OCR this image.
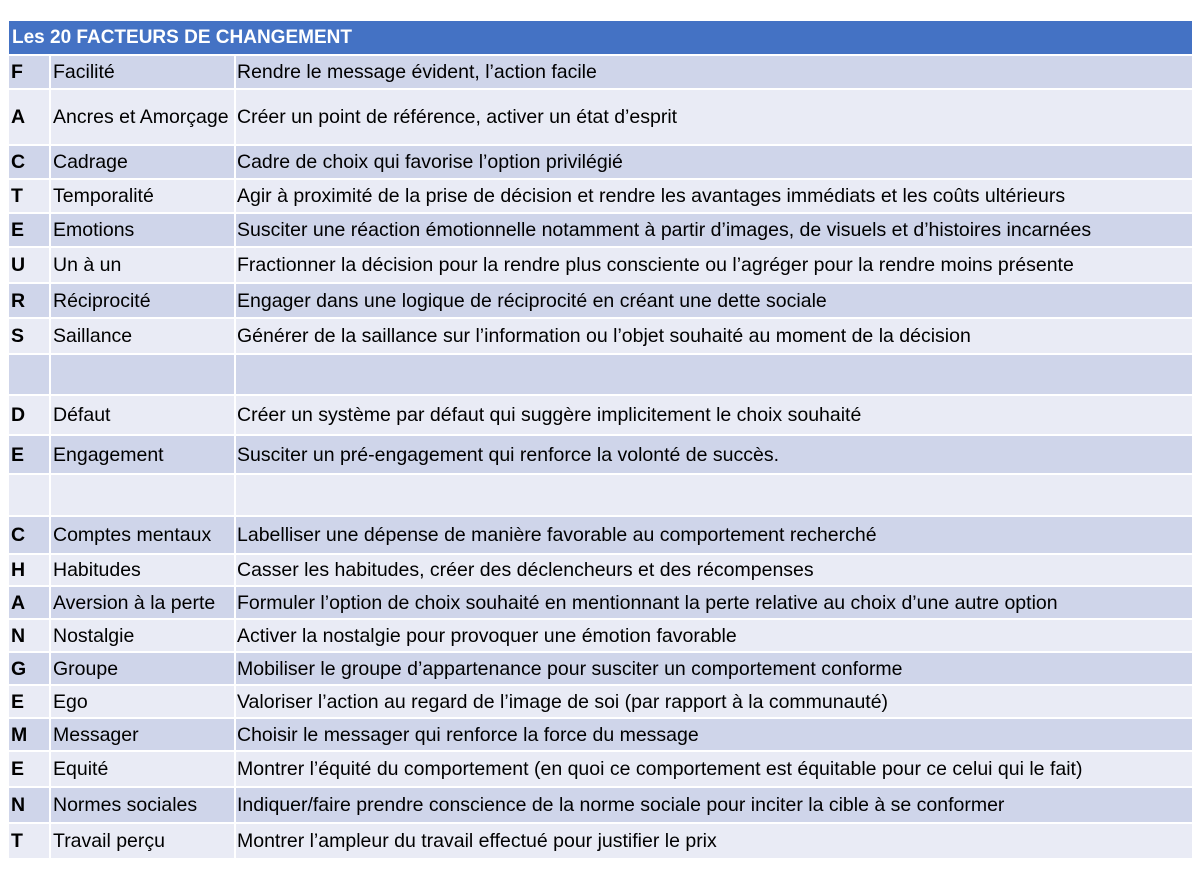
Les 20 FACTEURS DE CHANGEMENT		
F	Facilité	Rendre le message évident, l’action facile
A	Ancres et Amorçage	Créer un point de référence, activer un état d’esprit
C	Cadrage	Cadre de choix qui favorise l’option privilégié
T	Temporalité	Agir à proximité de la prise de décision et rendre les avantages immédiats et les coûts ultérieurs
E	Emotions	Susciter une réaction émotionnelle notamment à partir d’images, de visuels et d’histoires incarnées
U	Un à un	Fractionner la décision pour la rendre plus consciente ou l’agréger pour la rendre moins présente
R	Réciprocité	Engager dans une logique de réciprocité en créant une dette sociale
S	Saillance	Générer de la saillance sur l’information ou l’objet souhaité au moment de la décision

D	Défaut	Créer un système par défaut qui suggère implicitement le choix souhaité
E	Engagement	Susciter un pré-engagement qui renforce la volonté de succès.

C	Comptes mentaux	Labelliser une dépense de manière favorable au comportement recherché
H	Habitudes	Casser les habitudes, créer des déclencheurs et des récompenses
A	Aversion à la perte	Formuler l’option de choix souhaité en mentionnant la perte relative au choix d’une autre option
N	Nostalgie	Activer la nostalgie pour provoquer une émotion favorable
G	Groupe	Mobiliser le groupe d’appartenance pour susciter un comportement conforme
E	Ego	Valoriser l’action au regard de l’image de soi (par rapport à la communauté)
M	Messager	Choisir le messager qui renforce la force du message
E	Equité	Montrer l’équité du comportement (en quoi ce comportement est équitable pour ce celui qui le fait)
N	Normes sociales	Indiquer/faire prendre conscience de la norme sociale pour inciter la cible à se conformer
T	Travail perçu	Montrer l’ampleur du travail effectué pour justifier le prix
